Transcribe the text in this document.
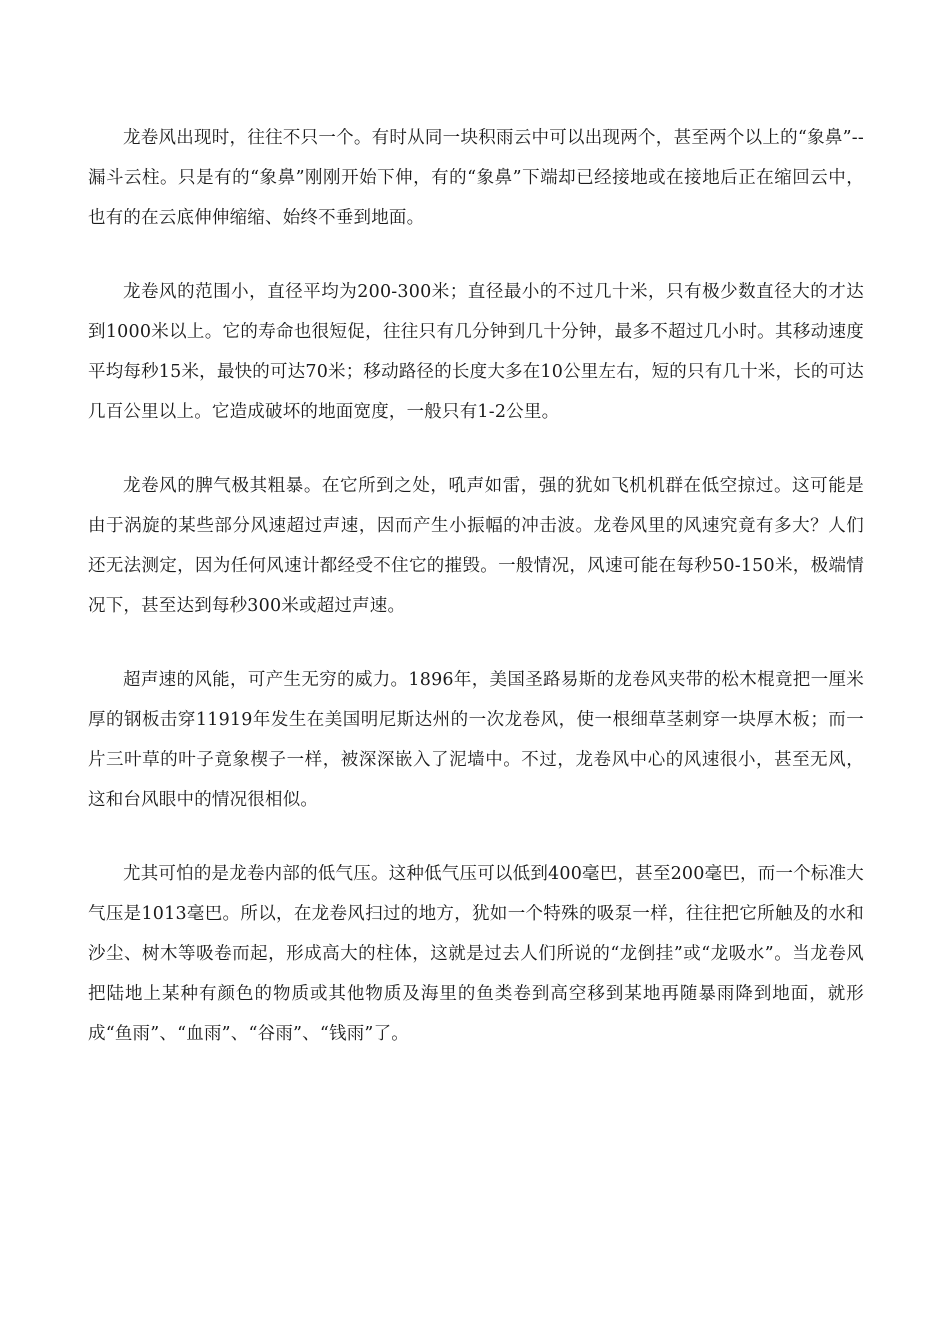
龙卷风出现时，往往不只一个。有时从同一块积雨云中可以出现两个，甚至两个以上的“象鼻”--漏斗云柱。只是有的“象鼻”刚刚开始下伸，有的“象鼻”下端却已经接地或在接地后正在缩回云中，也有的在云底伸伸缩缩、始终不垂到地面。

龙卷风的范围小，直径平均为200-300米；直径最小的不过几十米，只有极少数直径大的才达到1000米以上。它的寿命也很短促，往往只有几分钟到几十分钟，最多不超过几小时。其移动速度平均每秒15米，最快的可达70米；移动路径的长度大多在10公里左右，短的只有几十米，长的可达几百公里以上。它造成破坏的地面宽度，一般只有1-2公里。

龙卷风的脾气极其粗暴。在它所到之处，吼声如雷，强的犹如飞机机群在低空掠过。这可能是由于涡旋的某些部分风速超过声速，因而产生小振幅的冲击波。龙卷风里的风速究竟有多大？人们还无法测定，因为任何风速计都经受不住它的摧毁。一般情况，风速可能在每秒50-150米，极端情况下，甚至达到每秒300米或超过声速。

超声速的风能，可产生无穷的威力。1896年，美国圣路易斯的龙卷风夹带的松木棍竟把一厘米厚的钢板击穿11919年发生在美国明尼斯达州的一次龙卷风，使一根细草茎刺穿一块厚木板；而一片三叶草的叶子竟象楔子一样，被深深嵌入了泥墙中。不过，龙卷风中心的风速很小，甚至无风，这和台风眼中的情况很相似。

尤其可怕的是龙卷内部的低气压。这种低气压可以低到400毫巴，甚至200毫巴，而一个标准大气压是1013毫巴。所以，在龙卷风扫过的地方，犹如一个特殊的吸泵一样，往往把它所触及的水和沙尘、树木等吸卷而起，形成高大的柱体，这就是过去人们所说的“龙倒挂”或“龙吸水”。当龙卷风把陆地上某种有颜色的物质或其他物质及海里的鱼类卷到高空移到某地再随暴雨降到地面，就形成“鱼雨”、“血雨”、“谷雨”、“钱雨”了。
